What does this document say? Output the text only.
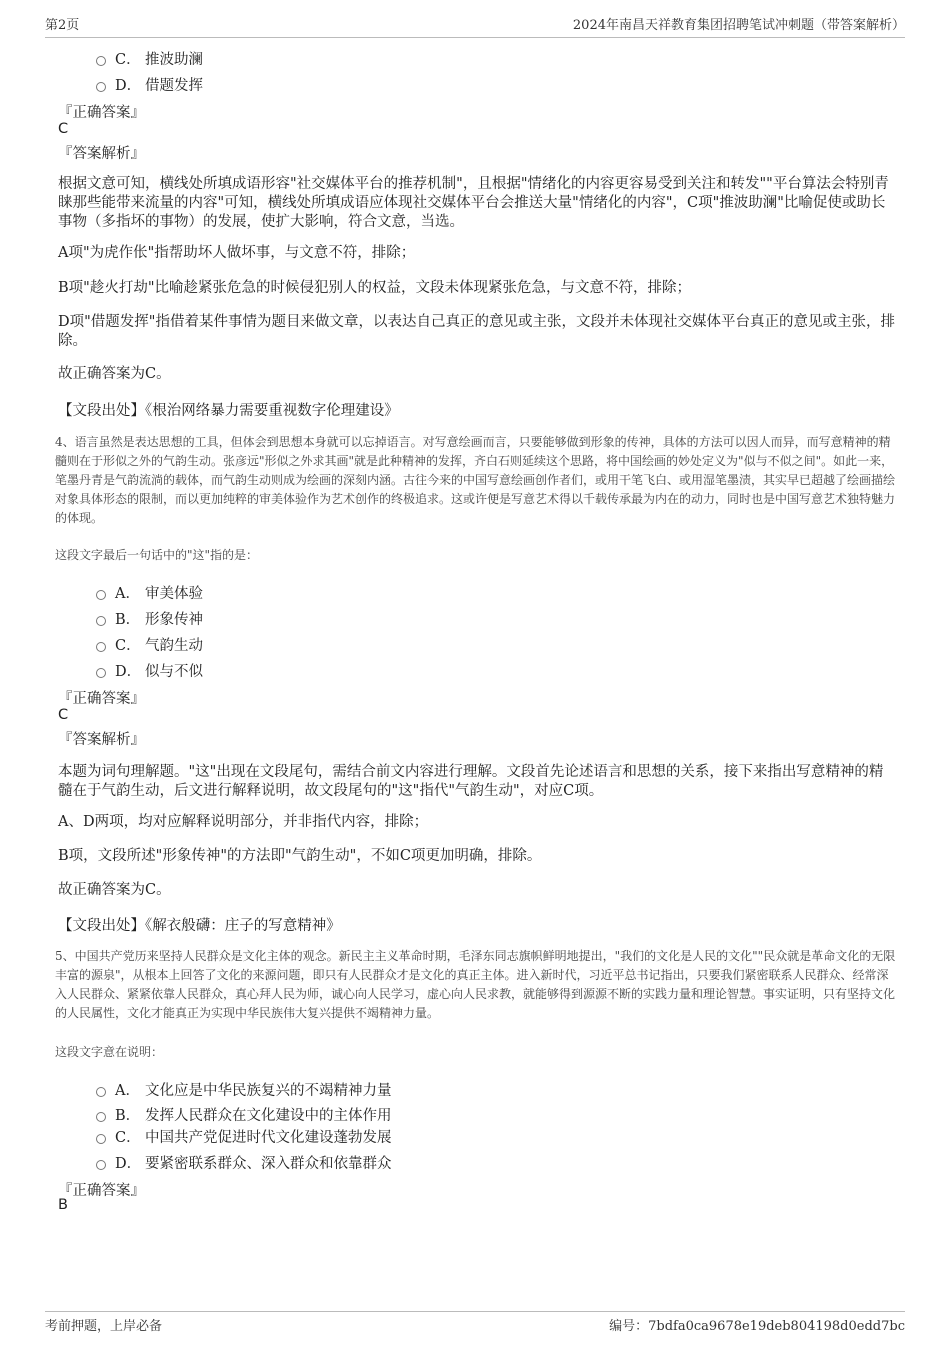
第2页	2024年南昌天祥教育集团招聘笔试冲刺题（带答案解析）
C． 推波助澜
D． 借题发挥
『正确答案』
C
『答案解析』

根据文意可知，横线处所填成语形容"社交媒体平台的推荐机制"，且根据"情绪化的内容更容易受到关注和转发""平台算法会特别青睐那些能带来流量的内容"可知，横线处所填成语应体现社交媒体平台会推送大量"情绪化的内容"，C项"推波助澜"比喻促使或助长事物（多指坏的事物）的发展，使扩大影响，符合文意，当选。

A项"为虎作伥"指帮助坏人做坏事，与文意不符，排除；

B项"趁火打劫"比喻趁紧张危急的时候侵犯别人的权益，文段未体现紧张危急，与文意不符，排除；

D项"借题发挥"指借着某件事情为题目来做文章，以表达自己真正的意见或主张，文段并未体现社交媒体平台真正的意见或主张，排除。

故正确答案为C。

【文段出处】《根治网络暴力需要重视数字伦理建设》

4、语言虽然是表达思想的工具，但体会到思想本身就可以忘掉语言。对写意绘画而言，只要能够做到形象的传神，具体的方法可以因人而异，而写意精神的精髓则在于形似之外的气韵生动。张彦远"形似之外求其画"就是此种精神的发挥，齐白石则延续这个思路，将中国绘画的妙处定义为"似与不似之间"。如此一来，笔墨丹青是气韵流淌的载体，而气韵生动则成为绘画的深刻内涵。古往今来的中国写意绘画创作者们，或用干笔飞白、或用湿笔墨渍，其实早已超越了绘画描绘对象具体形态的限制，而以更加纯粹的审美体验作为艺术创作的终极追求。这或许便是写意艺术得以千载传承最为内在的动力，同时也是中国写意艺术独特魅力的体现。

这段文字最后一句话中的"这"指的是：
A． 审美体验
B． 形象传神
C． 气韵生动
D． 似与不似
『正确答案』
C
『答案解析』

本题为词句理解题。"这"出现在文段尾句，需结合前文内容进行理解。文段首先论述语言和思想的关系，接下来指出写意精神的精髓在于气韵生动，后文进行解释说明，故文段尾句的"这"指代"气韵生动"，对应C项。

A、D两项，均对应解释说明部分，并非指代内容，排除；

B项，文段所述"形象传神"的方法即"气韵生动"，不如C项更加明确，排除。

故正确答案为C。

【文段出处】《解衣般礴：庄子的写意精神》

5、中国共产党历来坚持人民群众是文化主体的观念。新民主主义革命时期，毛泽东同志旗帜鲜明地提出，"我们的文化是人民的文化""民众就是革命文化的无限丰富的源泉"，从根本上回答了文化的来源问题，即只有人民群众才是文化的真正主体。进入新时代，习近平总书记指出，只要我们紧密联系人民群众、经常深入人民群众、紧紧依靠人民群众，真心拜人民为师，诚心向人民学习，虚心向人民求教，就能够得到源源不断的实践力量和理论智慧。事实证明，只有坚持文化的人民属性，文化才能真正为实现中华民族伟大复兴提供不竭精神力量。

这段文字意在说明：
A． 文化应是中华民族复兴的不竭精神力量
B． 发挥人民群众在文化建设中的主体作用
C． 中国共产党促进时代文化建设蓬勃发展
D． 要紧密联系群众、深入群众和依靠群众
『正确答案』
B
考前押题，上岸必备	编号：7bdfa0ca9678e19deb804198d0edd7bc
